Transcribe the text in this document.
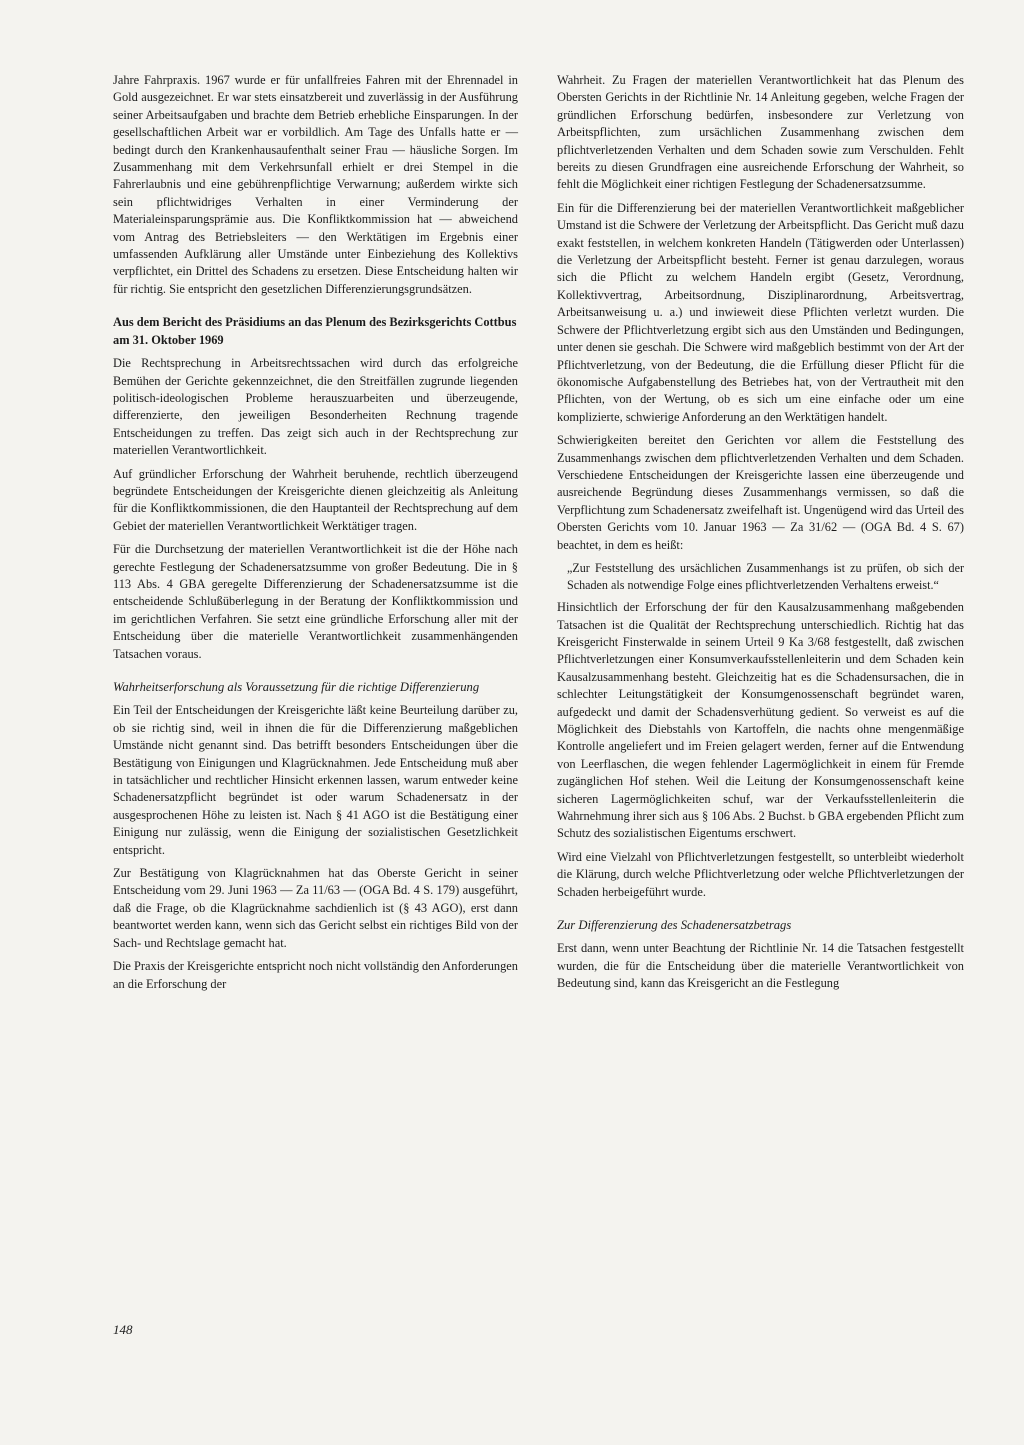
Jahre Fahrpraxis. 1967 wurde er für unfallfreies Fahren mit der Ehrennadel in Gold ausgezeichnet. Er war stets einsatzbereit und zuverlässig in der Ausführung seiner Arbeitsaufgaben und brachte dem Betrieb erhebliche Einsparungen. In der gesellschaftlichen Arbeit war er vorbildlich. Am Tage des Unfalls hatte er — bedingt durch den Krankenhausaufenthalt seiner Frau — häusliche Sorgen. Im Zusammenhang mit dem Verkehrsunfall erhielt er drei Stempel in die Fahrerlaubnis und eine gebührenpflichtige Verwarnung; außerdem wirkte sich sein pflichtwidriges Verhalten in einer Verminderung der Materialeinsparungsprämie aus. Die Konfliktkommission hat — abweichend vom Antrag des Betriebsleiters — den Werktätigen im Ergebnis einer umfassenden Aufklärung aller Umstände unter Einbeziehung des Kollektivs verpflichtet, ein Drittel des Schadens zu ersetzen. Diese Entscheidung halten wir für richtig. Sie entspricht den gesetzlichen Differenzierungsgrundsätzen.

Aus dem Bericht des Präsidiums an das Plenum des Bezirksgerichts Cottbus am 31. Oktober 1969

Die Rechtsprechung in Arbeitsrechtssachen wird durch das erfolgreiche Bemühen der Gerichte gekennzeichnet, die den Streitfällen zugrunde liegenden politisch-ideologischen Probleme herauszuarbeiten und überzeugende, differenzierte, den jeweiligen Besonderheiten Rechnung tragende Entscheidungen zu treffen. Das zeigt sich auch in der Rechtsprechung zur materiellen Verantwortlichkeit.

Auf gründlicher Erforschung der Wahrheit beruhende, rechtlich überzeugend begründete Entscheidungen der Kreisgerichte dienen gleichzeitig als Anleitung für die Konfliktkommissionen, die den Hauptanteil der Rechtsprechung auf dem Gebiet der materiellen Verantwortlichkeit Werktätiger tragen.

Für die Durchsetzung der materiellen Verantwortlichkeit ist die der Höhe nach gerechte Festlegung der Schadenersatzsumme von großer Bedeutung. Die in § 113 Abs. 4 GBA geregelte Differenzierung der Schadenersatzsumme ist die entscheidende Schlußüberlegung in der Beratung der Konfliktkommission und im gerichtlichen Verfahren. Sie setzt eine gründliche Erforschung aller mit der Entscheidung über die materielle Verantwortlichkeit zusammenhängenden Tatsachen voraus.

Wahrheitserforschung als Voraussetzung für die richtige Differenzierung

Ein Teil der Entscheidungen der Kreisgerichte läßt keine Beurteilung darüber zu, ob sie richtig sind, weil in ihnen die für die Differenzierung maßgeblichen Umstände nicht genannt sind. Das betrifft besonders Entscheidungen über die Bestätigung von Einigungen und Klagrücknahmen. Jede Entscheidung muß aber in tatsächlicher und rechtlicher Hinsicht erkennen lassen, warum entweder keine Schadenersatzpflicht begründet ist oder warum Schadenersatz in der ausgesprochenen Höhe zu leisten ist. Nach § 41 AGO ist die Bestätigung einer Einigung nur zulässig, wenn die Einigung der sozialistischen Gesetzlichkeit entspricht.

Zur Bestätigung von Klagrücknahmen hat das Oberste Gericht in seiner Entscheidung vom 29. Juni 1963 — Za 11/63 — (OGA Bd. 4 S. 179) ausgeführt, daß die Frage, ob die Klagrücknahme sachdienlich ist (§ 43 AGO), erst dann beantwortet werden kann, wenn sich das Gericht selbst ein richtiges Bild von der Sach- und Rechtslage gemacht hat.

Die Praxis der Kreisgerichte entspricht noch nicht vollständig den Anforderungen an die Erforschung der

Wahrheit. Zu Fragen der materiellen Verantwortlichkeit hat das Plenum des Obersten Gerichts in der Richtlinie Nr. 14 Anleitung gegeben, welche Fragen der gründlichen Erforschung bedürfen, insbesondere zur Verletzung von Arbeitspflichten, zum ursächlichen Zusammenhang zwischen dem pflichtverletzenden Verhalten und dem Schaden sowie zum Verschulden. Fehlt bereits zu diesen Grundfragen eine ausreichende Erforschung der Wahrheit, so fehlt die Möglichkeit einer richtigen Festlegung der Schadenersatzsumme.

Ein für die Differenzierung bei der materiellen Verantwortlichkeit maßgeblicher Umstand ist die Schwere der Verletzung der Arbeitspflicht. Das Gericht muß dazu exakt feststellen, in welchem konkreten Handeln (Tätigwerden oder Unterlassen) die Verletzung der Arbeitspflicht besteht. Ferner ist genau darzulegen, woraus sich die Pflicht zu welchem Handeln ergibt (Gesetz, Verordnung, Kollektivvertrag, Arbeitsordnung, Disziplinarordnung, Arbeitsvertrag, Arbeitsanweisung u. a.) und inwieweit diese Pflichten verletzt wurden. Die Schwere der Pflichtverletzung ergibt sich aus den Umständen und Bedingungen, unter denen sie geschah. Die Schwere wird maßgeblich bestimmt von der Art der Pflichtverletzung, von der Bedeutung, die die Erfüllung dieser Pflicht für die ökonomische Aufgabenstellung des Betriebes hat, von der Vertrautheit mit den Pflichten, von der Wertung, ob es sich um eine einfache oder um eine komplizierte, schwierige Anforderung an den Werktätigen handelt.

Schwierigkeiten bereitet den Gerichten vor allem die Feststellung des Zusammenhangs zwischen dem pflichtverletzenden Verhalten und dem Schaden. Verschiedene Entscheidungen der Kreisgerichte lassen eine überzeugende und ausreichende Begründung dieses Zusammenhangs vermissen, so daß die Verpflichtung zum Schadenersatz zweifelhaft ist. Ungenügend wird das Urteil des Obersten Gerichts vom 10. Januar 1963 — Za 31/62 — (OGA Bd. 4 S. 67) beachtet, in dem es heißt:

„Zur Feststellung des ursächlichen Zusammenhangs ist zu prüfen, ob sich der Schaden als notwendige Folge eines pflichtverletzenden Verhaltens erweist.“

Hinsichtlich der Erforschung der für den Kausalzusammenhang maßgebenden Tatsachen ist die Qualität der Rechtsprechung unterschiedlich. Richtig hat das Kreisgericht Finsterwalde in seinem Urteil 9 Ka 3/68 festgestellt, daß zwischen Pflichtverletzungen einer Konsumverkaufsstellenleiterin und dem Schaden kein Kausalzusammenhang besteht. Gleichzeitig hat es die Schadensursachen, die in schlechter Leitungstätigkeit der Konsumgenossenschaft begründet waren, aufgedeckt und damit der Schadensverhütung gedient. So verweist es auf die Möglichkeit des Diebstahls von Kartoffeln, die nachts ohne mengenmäßige Kontrolle angeliefert und im Freien gelagert werden, ferner auf die Entwendung von Leerflaschen, die wegen fehlender Lagermöglichkeit in einem für Fremde zugänglichen Hof stehen. Weil die Leitung der Konsumgenossenschaft keine sicheren Lagermöglichkeiten schuf, war der Verkaufsstellenleiterin die Wahrnehmung ihrer sich aus § 106 Abs. 2 Buchst. b GBA ergebenden Pflicht zum Schutz des sozialistischen Eigentums erschwert.

Wird eine Vielzahl von Pflichtverletzungen festgestellt, so unterbleibt wiederholt die Klärung, durch welche Pflichtverletzung oder welche Pflichtverletzungen der Schaden herbeigeführt wurde.

Zur Differenzierung des Schadenersatzbetrags

Erst dann, wenn unter Beachtung der Richtlinie Nr. 14 die Tatsachen festgestellt wurden, die für die Entscheidung über die materielle Verantwortlichkeit von Bedeutung sind, kann das Kreisgericht an die Festlegung

148
